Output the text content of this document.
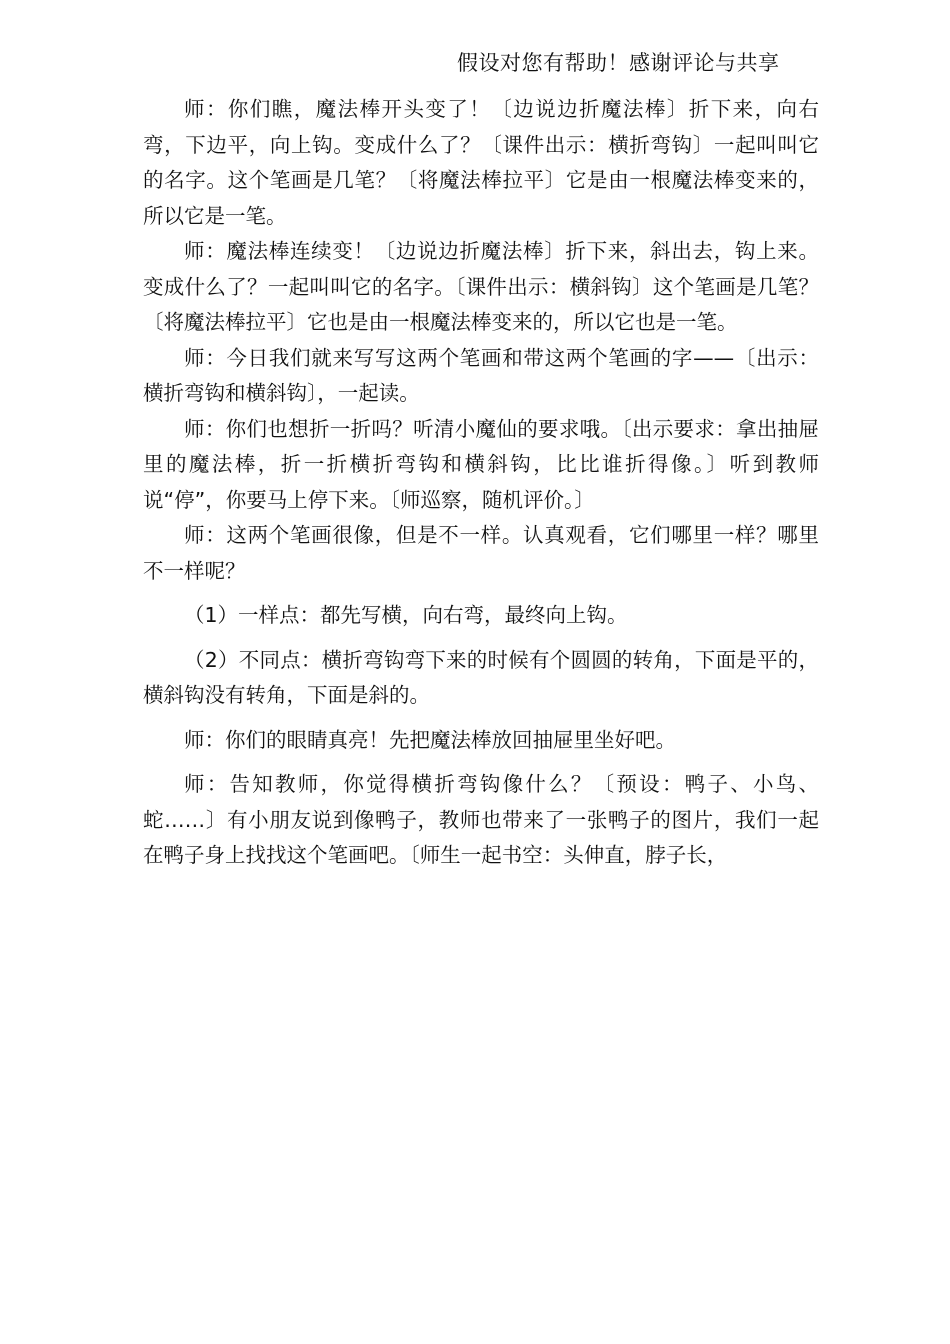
假设对您有帮助！感谢评论与共享

师：你们瞧，魔法棒开头变了！〔边说边折魔法棒〕折下来，向右弯，下边平，向上钩。变成什么了？〔课件出示：横折弯钩〕一起叫叫它的名字。这个笔画是几笔？〔将魔法棒拉平〕它是由一根魔法棒变来的，所以它是一笔。

师：魔法棒连续变！〔边说边折魔法棒〕折下来，斜出去，钩上来。变成什么了？一起叫叫它的名字。〔课件出示：横斜钩〕这个笔画是几笔？〔将魔法棒拉平〕它也是由一根魔法棒变来的，所以它也是一笔。

师：今日我们就来写写这两个笔画和带这两个笔画的字——〔出示：横折弯钩和横斜钩〕，一起读。

师：你们也想折一折吗？听清小魔仙的要求哦。〔出示要求：拿出抽屉里的魔法棒，折一折横折弯钩和横斜钩，比比谁折得像。〕听到教师说“停”，你要马上停下来。〔师巡察，随机评价。〕

师：这两个笔画很像，但是不一样。认真观看，它们哪里一样？哪里不一样呢？

（1）一样点：都先写横，向右弯，最终向上钩。

（2）不同点：横折弯钩弯下来的时候有个圆圆的转角，下面是平的，横斜钩没有转角，下面是斜的。

师：你们的眼睛真亮！先把魔法棒放回抽屉里坐好吧。

师：告知教师，你觉得横折弯钩像什么？〔预设：鸭子、小鸟、蛇……〕有小朋友说到像鸭子，教师也带来了一张鸭子的图片，我们一起在鸭子身上找找这个笔画吧。〔师生一起书空：头伸直，脖子长，
